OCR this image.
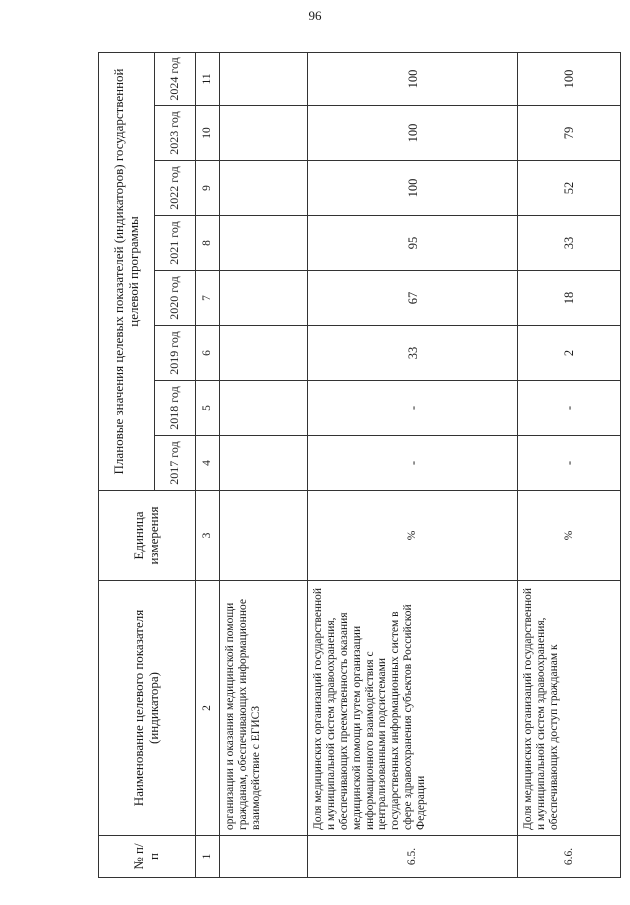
96
№ п/п	Наименование целевого показателя (индикатора)	Единица измерения	Плановые значения целевых показателей (индикаторов) государственной целевой программы							
			2017 год	2018 год	2019 год	2020 год	2021 год	2022 год	2023 год	2024 год
1	2	3	4	5	6	7	8	9	10	11
	организации и оказания медицинской помощи гражданам, обеспечивающих информационное взаимодействие с ЕГИСЗ									
6.5.	Доля медицинских организаций государственной и муниципальной систем здравоохранения, обеспечивающих преемственность оказания медицинской помощи путем организации информационного взаимодействия с централизованными подсистемами государственных информационных систем в сфере здравоохранения субъектов Российской Федерации	%	-	-	33	67	95	100	100	100
6.6.	Доля медицинских организаций государственной и муниципальной систем здравоохранения, обеспечивающих доступ гражданам к	%	-	-	2	18	33	52	79	100
